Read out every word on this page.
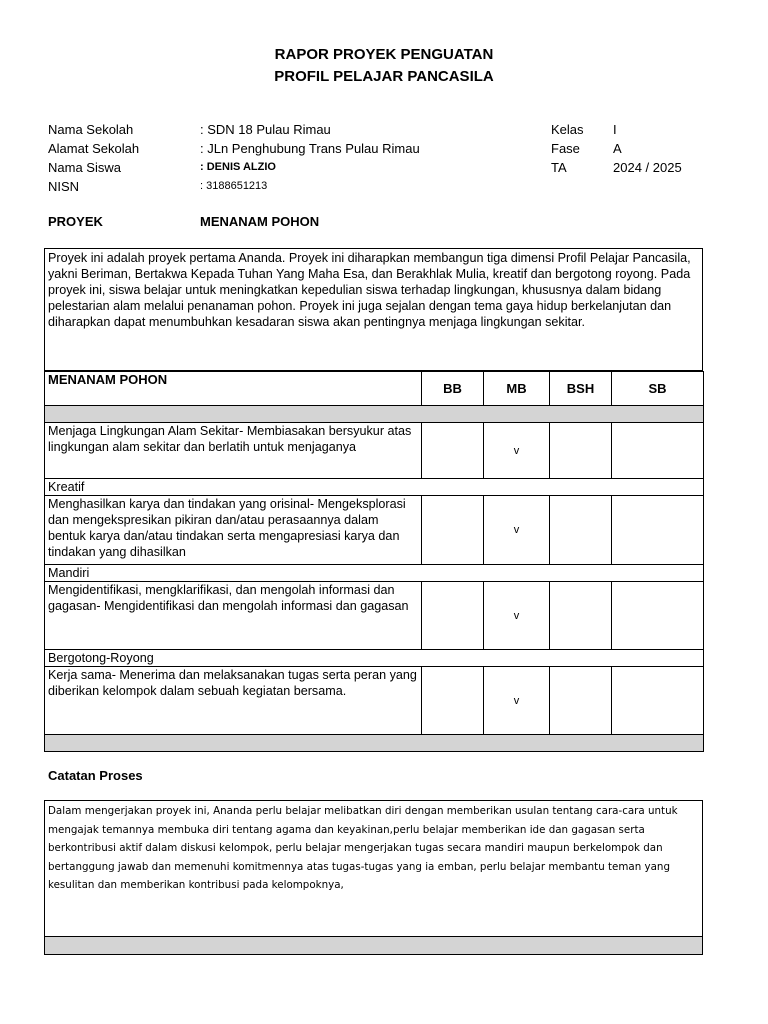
RAPOR PROYEK PENGUATAN
PROFIL PELAJAR PANCASILA
Nama Sekolah	: SDN 18 Pulau Rimau
Alamat Sekolah	: JLn Penghubung Trans Pulau Rimau
Nama Siswa	: DENIS ALZIO
NISN	: 3188651213
Kelas I
Fase	A
TA	2024 / 2025
PROYEK	MENANAM POHON
Proyek ini adalah proyek pertama Ananda. Proyek ini diharapkan membangun tiga dimensi Profil Pelajar Pancasila, yakni Beriman, Bertakwa Kepada Tuhan Yang Maha Esa, dan Berakhlak Mulia, kreatif dan bergotong royong. Pada proyek ini, siswa belajar untuk meningkatkan kepedulian siswa terhadap lingkungan, khususnya dalam bidang pelestarian alam melalui penanaman pohon. Proyek ini juga sejalan dengan tema gaya hidup berkelanjutan dan diharapkan dapat menumbuhkan kesadaran siswa akan pentingnya menjaga lingkungan sekitar.
MENANAM POHON	BB	MB	BSH	SB

Menjaga Lingkungan Alam Sekitar- Membiasakan bersyukur atas lingkungan alam sekitar dan berlatih untuk menjaganya		v		
Kreatif				
Menghasilkan karya dan tindakan yang orisinal- Mengeksplorasi dan mengekspresikan pikiran dan/atau perasaannya dalam bentuk karya dan/atau tindakan serta mengapresiasi karya dan tindakan yang dihasilkan		v		
Mandiri				
Mengidentifikasi, mengklarifikasi, dan mengolah informasi dan gagasan- Mengidentifikasi dan mengolah informasi dan gagasan		v		
Bergotong-Royong				
Kerja sama- Menerima dan melaksanakan tugas serta peran yang diberikan kelompok dalam sebuah kegiatan bersama.		v		

Catatan Proses
Dalam mengerjakan proyek ini, Ananda perlu belajar melibatkan diri dengan memberikan usulan tentang cara-cara untuk mengajak temannya membuka diri tentang agama dan keyakinan,perlu belajar memberikan ide dan gagasan serta berkontribusi aktif dalam diskusi kelompok, perlu belajar mengerjakan tugas secara mandiri maupun berkelompok dan bertanggung jawab dan memenuhi komitmennya atas tugas-tugas yang ia emban, perlu belajar membantu teman yang kesulitan dan memberikan kontribusi pada kelompoknya,
